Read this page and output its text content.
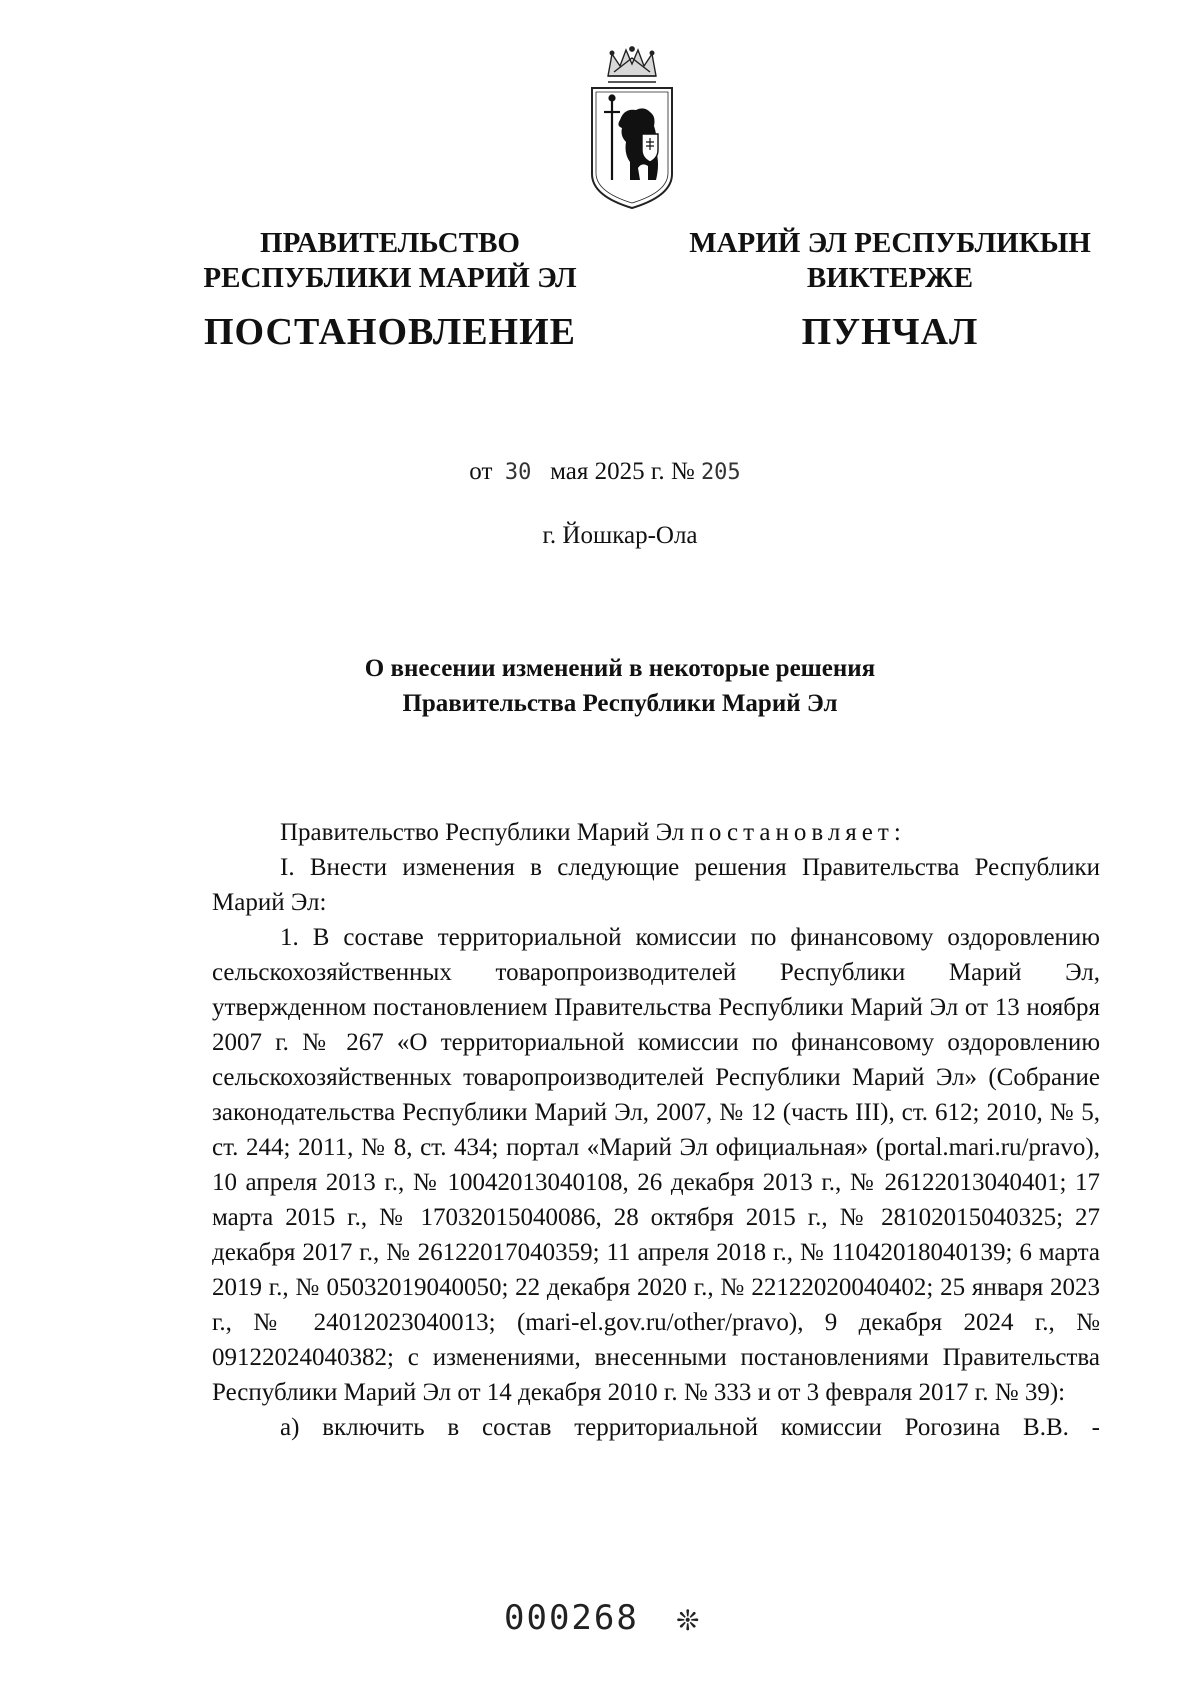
ПРАВИТЕЛЬСТВО
РЕСПУБЛИКИ МАРИЙ ЭЛ
ПОСТАНОВЛЕНИЕ
МАРИЙ ЭЛ РЕСПУБЛИКЫН
ВИКТЕРЖЕ
ПУНЧАЛ
от 30 мая 2025 г. № 205
г. Йошкар-Ола
О внесении изменений в некоторые решения
Правительства Республики Марий Эл

Правительство Республики Марий Эл постановляет:

I. Внести изменения в следующие решения Правительства Республики Марий Эл:

1. В составе территориальной комиссии по финансовому оздоровлению сельскохозяйственных товаропроизводителей Республики Марий Эл, утвержденном постановлением Правительства Республики Марий Эл от 13 ноября 2007 г. № 267 «О территориальной комиссии по финансовому оздоровлению сельскохозяйственных товаропроизводителей Республики Марий Эл» (Собрание законодательства Республики Марий Эл, 2007, № 12 (часть III), ст. 612; 2010, № 5, ст. 244; 2011, № 8, ст. 434; портал «Марий Эл официальная» (portal.mari.ru/pravo), 10 апреля 2013 г., № 10042013040108, 26 декабря 2013 г., № 26122013040401; 17 марта 2015 г., № 17032015040086, 28 октября 2015 г., № 28102015040325; 27 декабря 2017 г., № 26122017040359; 11 апреля 2018 г., № 11042018040139; 6 марта 2019 г., № 05032019040050; 22 декабря 2020 г., № 22122020040402; 25 января 2023 г., № 24012023040013; (mari-el.gov.ru/other/pravo), 9 декабря 2024 г., № 09122024040382; с изменениями, внесенными постановлениями Правительства Республики Марий Эл от 14 декабря 2010 г. № 333 и от 3 февраля 2017 г. № 39):

а) включить в состав территориальной комиссии Рогозина В.В. -

000268 ❊
